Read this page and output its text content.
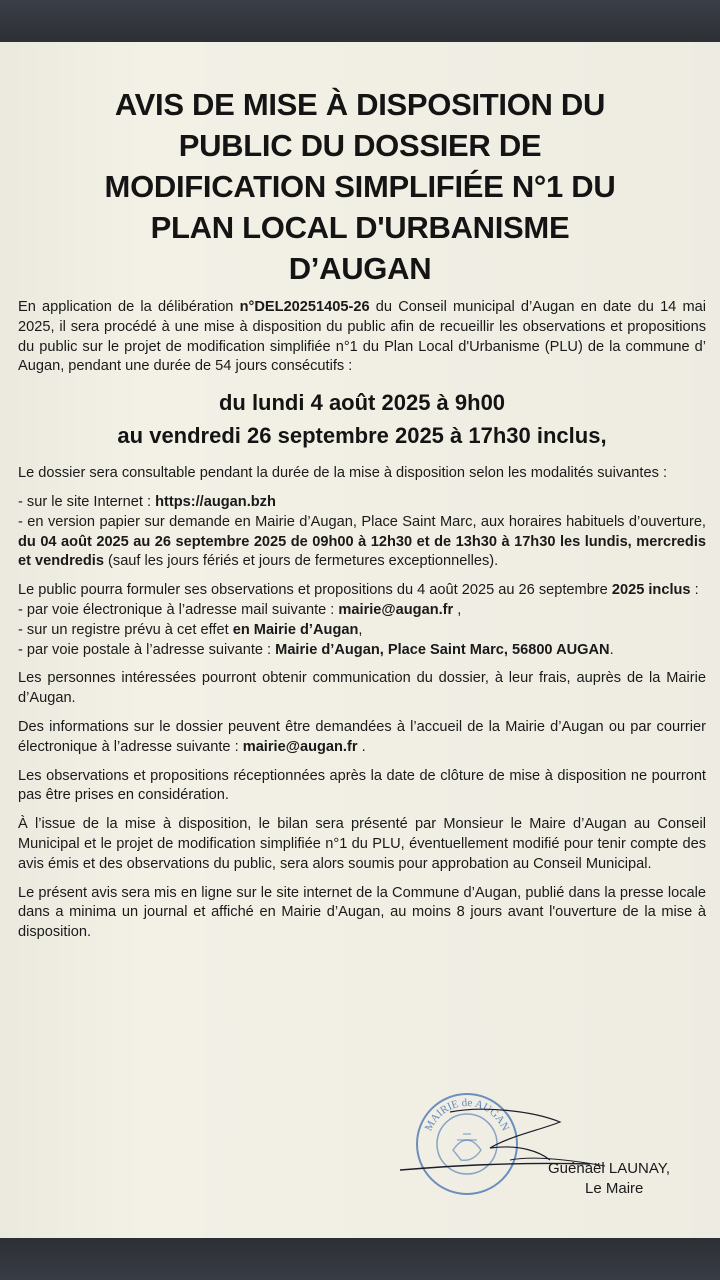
AVIS DE MISE À DISPOSITION DU
PUBLIC DU DOSSIER DE
MODIFICATION SIMPLIFIÉE N°1 DU
PLAN LOCAL D'URBANISME
D’AUGAN

En application de la délibération n°DEL20251405-26 du Conseil municipal d’Augan en date du 14 mai 2025, il sera procédé à une mise à disposition du public afin de recueillir les observations et propositions du public sur le projet de modification simplifiée n°1 du Plan Local d'Urbanisme (PLU) de la commune d’ Augan, pendant une durée de 54 jours consécutifs :

du lundi 4 août 2025 à 9h00
au vendredi 26 septembre 2025 à 17h30 inclus,

Le dossier sera consultable pendant la durée de la mise à disposition selon les modalités suivantes :

- sur le site Internet : https://augan.bzh
- en version papier sur demande en Mairie d’Augan, Place Saint Marc, aux horaires habituels d’ouverture, du 04 août 2025 au 26 septembre 2025 de 09h00 à 12h30 et de 13h30 à 17h30 les lundis, mercredis et vendredis (sauf les jours fériés et jours de fermetures exceptionnelles).

Le public pourra formuler ses observations et propositions du 4 août 2025 au 26 septembre 2025 inclus :
- par voie électronique à l’adresse mail suivante : mairie@augan.fr ,
- sur un registre prévu à cet effet en Mairie d’Augan,
- par voie postale à l’adresse suivante : Mairie d’Augan, Place Saint Marc, 56800 AUGAN.

Les personnes intéressées pourront obtenir communication du dossier, à leur frais, auprès de la Mairie d’Augan.

Des informations sur le dossier peuvent être demandées à l’accueil de la Mairie d’Augan ou par courrier électronique à l’adresse suivante : mairie@augan.fr .

Les observations et propositions réceptionnées après la date de clôture de mise à disposition ne pourront pas être prises en considération.

À l’issue de la mise à disposition, le bilan sera présenté par Monsieur le Maire d’Augan au Conseil Municipal et le projet de modification simplifiée n°1 du PLU, éventuellement modifié pour tenir compte des avis émis et des observations du public, sera alors soumis pour approbation au Conseil Municipal.

Le présent avis sera mis en ligne sur le site internet de la Commune d’Augan, publié dans la presse locale dans a minima un journal et affiché en Mairie d’Augan, au moins 8 jours avant l'ouverture de la mise à disposition.

MAIRIE de AUGAN
Guénaël LAUNAY,
Le Maire
